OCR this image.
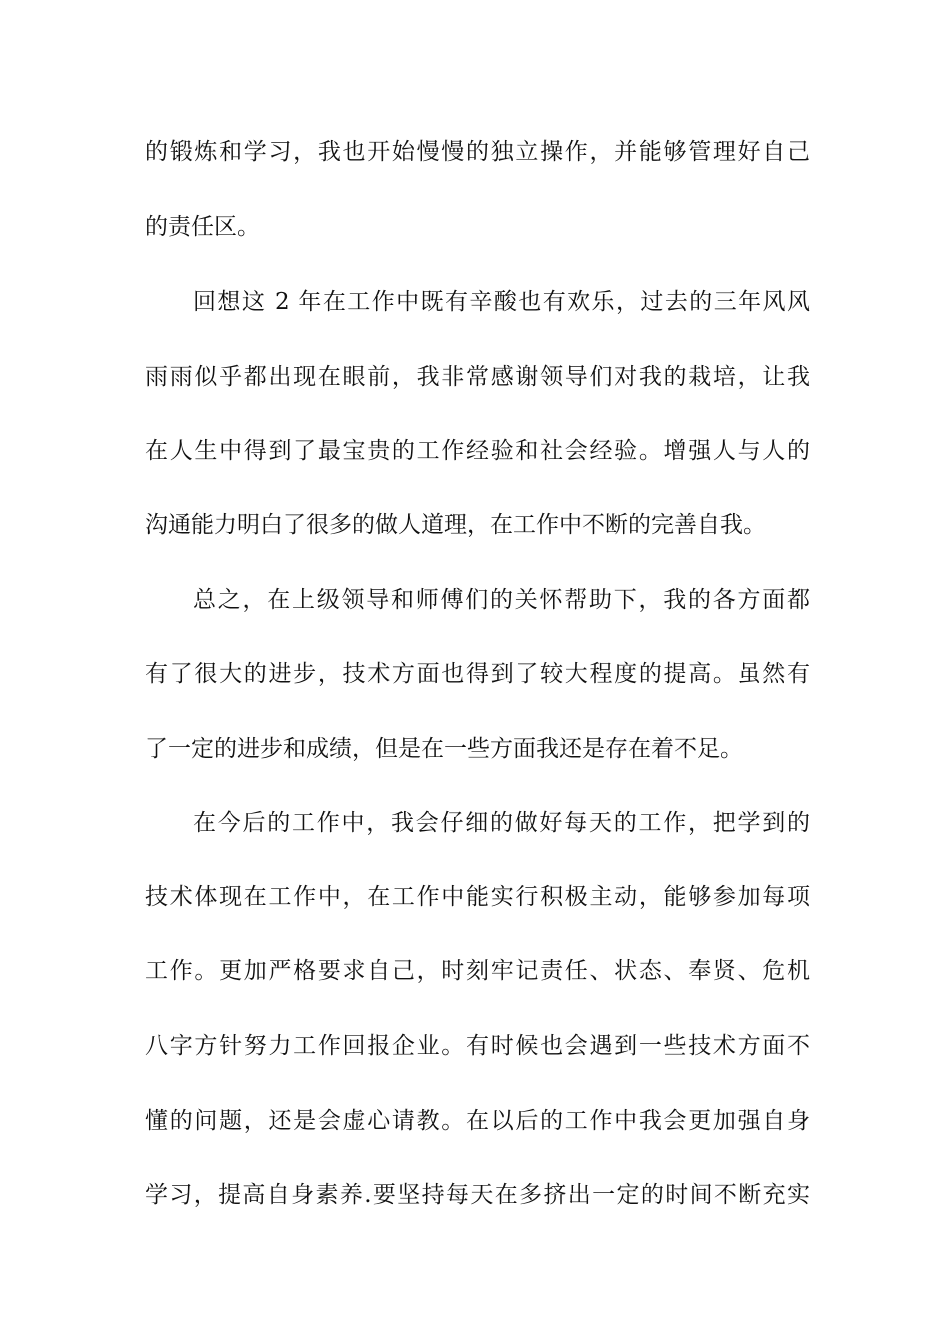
的锻炼和学习，我也开始慢慢的独立操作，并能够管理好自己
的责任区。
回想这 2 年在工作中既有辛酸也有欢乐，过去的三年风风
雨雨似乎都出现在眼前，我非常感谢领导们对我的栽培，让我
在人生中得到了最宝贵的工作经验和社会经验。增强人与人的
沟通能力明白了很多的做人道理，在工作中不断的完善自我。
总之，在上级领导和师傅们的关怀帮助下，我的各方面都
有了很大的进步，技术方面也得到了较大程度的提高。虽然有
了一定的进步和成绩，但是在一些方面我还是存在着不足。
在今后的工作中，我会仔细的做好每天的工作，把学到的
技术体现在工作中，在工作中能实行积极主动，能够参加每项
工作。更加严格要求自己，时刻牢记责任、状态、奉贤、危机
八字方针努力工作回报企业。有时候也会遇到一些技术方面不
懂的问题，还是会虚心请教。在以后的工作中我会更加强自身
学习，提高自身素养.要坚持每天在多挤出一定的时间不断充实
